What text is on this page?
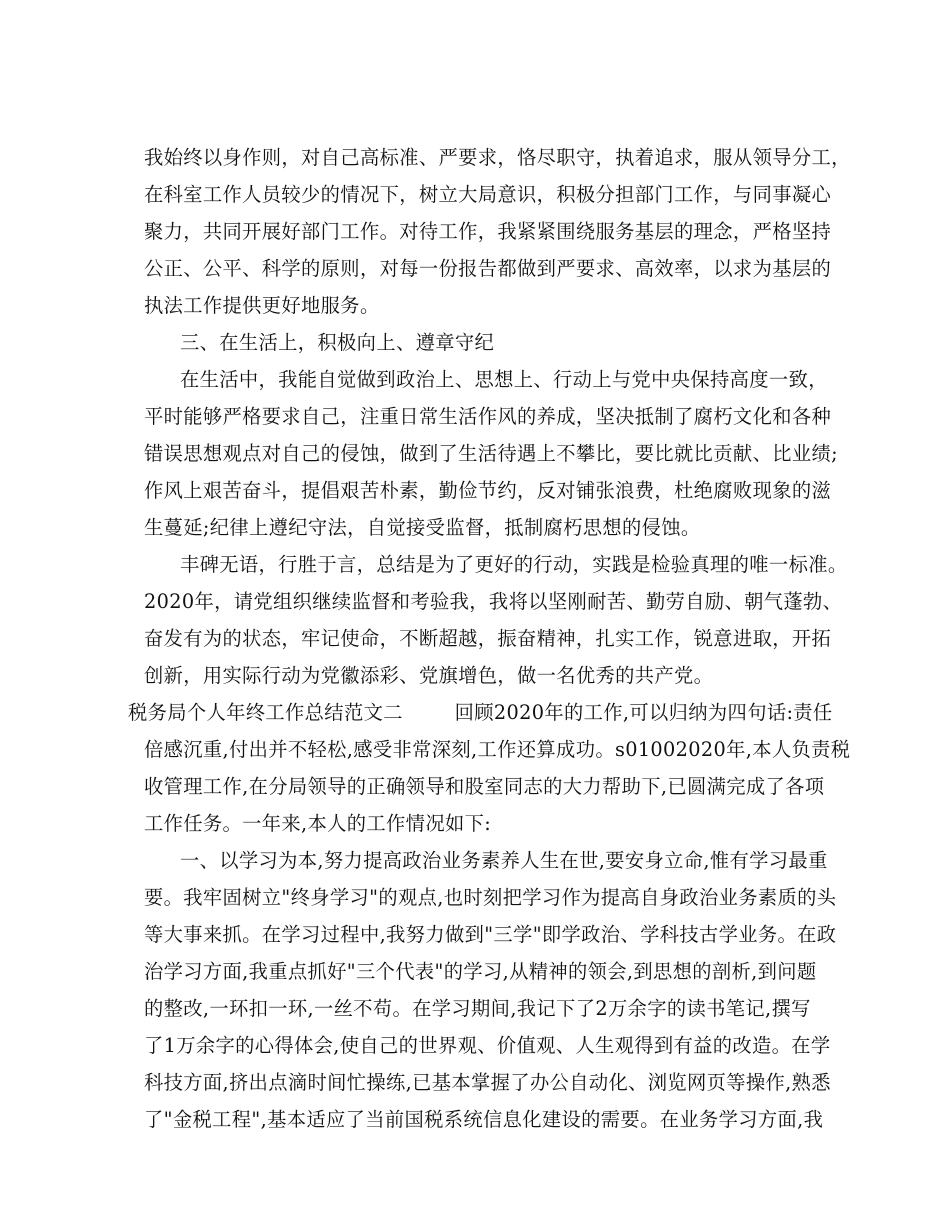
我始终以身作则，对自己高标准、严要求，恪尽职守，执着追求，服从领导分工，
在科室工作人员较少的情况下，树立大局意识，积极分担部门工作，与同事凝心
聚力，共同开展好部门工作。对待工作，我紧紧围绕服务基层的理念，严格坚持
公正、公平、科学的原则，对每一份报告都做到严要求、高效率，以求为基层的
执法工作提供更好地服务。
三、在生活上，积极向上、遵章守纪
在生活中，我能自觉做到政治上、思想上、行动上与党中央保持高度一致，
平时能够严格要求自己，注重日常生活作风的养成，坚决抵制了腐朽文化和各种
错误思想观点对自己的侵蚀，做到了生活待遇上不攀比，要比就比贡献、比业绩;
作风上艰苦奋斗，提倡艰苦朴素，勤俭节约，反对铺张浪费，杜绝腐败现象的滋
生蔓延;纪律上遵纪守法，自觉接受监督，抵制腐朽思想的侵蚀。
丰碑无语，行胜于言，总结是为了更好的行动，实践是检验真理的唯一标准。
2020年，请党组织继续监督和考验我，我将以坚刚耐苦、勤劳自励、朝气蓬勃、
奋发有为的状态，牢记使命，不断超越，振奋精神，扎实工作，锐意进取，开拓
创新，用实际行动为党徽添彩、党旗增色，做一名优秀的共产党。
税务局个人年终工作总结范文二        回顾2020年的工作,可以归纳为四句话:责任
倍感沉重,付出并不轻松,感受非常深刻,工作还算成功。s01002020年,本人负责税
收管理工作,在分局领导的正确领导和股室同志的大力帮助下,已圆满完成了各项
工作任务。一年来,本人的工作情况如下:
一、以学习为本,努力提高政治业务素养人生在世,要安身立命,惟有学习最重
要。我牢固树立"终身学习"的观点,也时刻把学习作为提高自身政治业务素质的头
等大事来抓。在学习过程中,我努力做到"三学"即学政治、学科技古学业务。在政
治学习方面,我重点抓好"三个代表"的学习,从精神的领会,到思想的剖析,到问题
的整改,一环扣一环,一丝不苟。在学习期间,我记下了2万余字的读书笔记,撰写
了1万余字的心得体会,使自己的世界观、价值观、人生观得到有益的改造。在学
科技方面,挤出点滴时间忙操练,已基本掌握了办公自动化、浏览网页等操作,熟悉
了"金税工程",基本适应了当前国税系统信息化建设的需要。在业务学习方面,我
